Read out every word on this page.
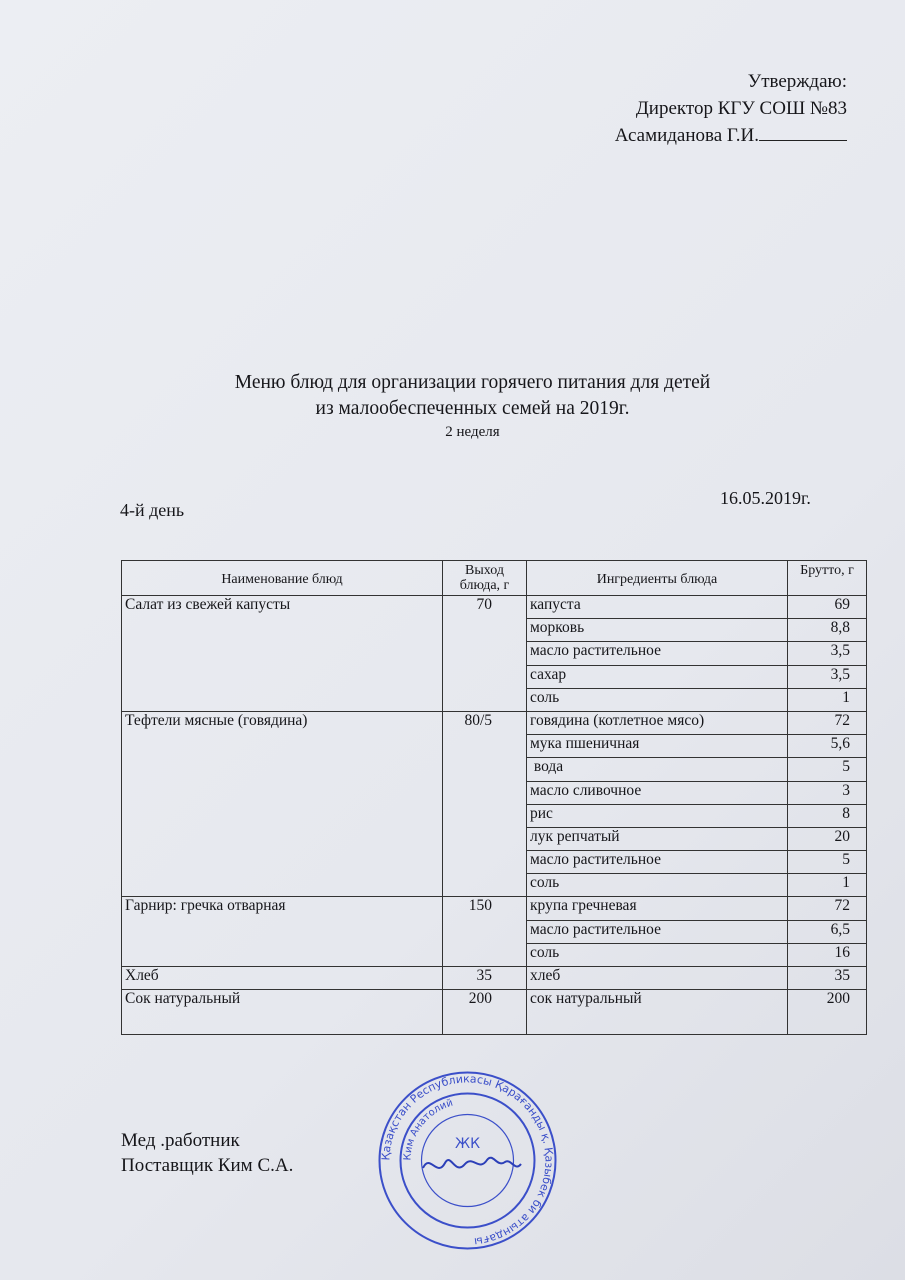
Утверждаю:
Директор КГУ СОШ №83
Асамиданова Г.И.
Меню блюд для организации горячего питания для детей
из малообеспеченных семей на 2019г.
2 неделя
4-й день
16.05.2019г.
Наименование блюд	Выход блюда, г	Ингредиенты блюда	Брутто, г
Салат из свежей капусты	70	капуста	69
		морковь	8,8
		масло растительное	3,5
		сахар	3,5
		соль	1
Тефтели мясные (говядина)	80/5	говядина (котлетное мясо)	72
		мука пшеничная	5,6
		вода	5
		масло сливочное	3
		рис	8
		лук репчатый	20
		масло растительное	5
		соль	1
Гарнир: гречка отварная	150	крупа гречневая	72
		масло растительное	6,5
		соль	16
Хлеб	35	хлеб	35
Сок натуральный	200	сок натуральный	200
Мед .работник
Поставщик Ким С.А.	Қазақстан Республикасы Қарағанды қ. Қазыбек би атындағы
Ким Анатолий
ЖК
